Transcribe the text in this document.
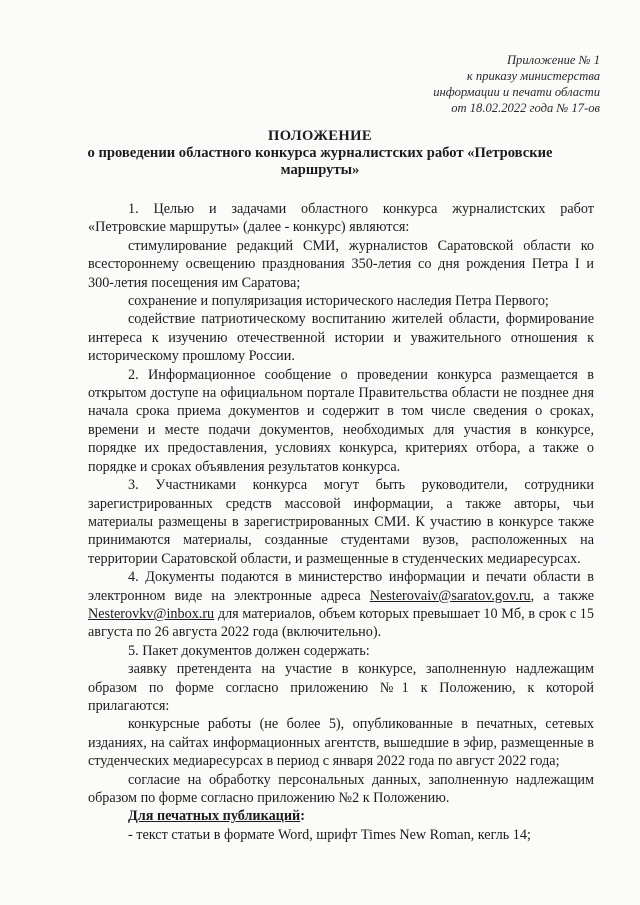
Приложение № 1
к приказу министерства
информации и печати области
от 18.02.2022 года № 17-ов
ПОЛОЖЕНИЕ
о проведении областного конкурса журналистских работ «Петровские
маршруты»

1. Целью и задачами областного конкурса журналистских работ «Петровские маршруты» (далее - конкурс) являются:

стимулирование редакций СМИ, журналистов Саратовской области ко всестороннему освещению празднования 350-летия со дня рождения Петра I и 300-летия посещения им Саратова;

сохранение и популяризация исторического наследия Петра Первого;

содействие патриотическому воспитанию жителей области, формирование интереса к изучению отечественной истории и уважительного отношения к историческому прошлому России.

2. Информационное сообщение о проведении конкурса размещается в открытом доступе на официальном портале Правительства области не позднее дня начала срока приема документов и содержит в том числе сведения о сроках, времени и месте подачи документов, необходимых для участия в конкурсе, порядке их предоставления, условиях конкурса, критериях отбора, а также о порядке и сроках объявления результатов конкурса.

3. Участниками конкурса могут быть руководители, сотрудники зарегистрированных средств массовой информации, а также авторы, чьи материалы размещены в зарегистрированных СМИ. К участию в конкурсе также принимаются материалы, созданные студентами вузов, расположенных на территории Саратовской области, и размещенные в студенческих медиаресурсах.

4. Документы подаются в министерство информации и печати области в электронном виде на электронные адреса Nesterovaiv@saratov.gov.ru, а также Nesterovkv@inbox.ru для материалов, объем которых превышает 10 Мб, в срок с 15 августа по 26 августа 2022 года (включительно).

5. Пакет документов должен содержать:

заявку претендента на участие в конкурсе, заполненную надлежащим образом по форме согласно приложению №1 к Положению, к которой прилагаются:

конкурсные работы (не более 5), опубликованные в печатных, сетевых изданиях, на сайтах информационных агентств, вышедшие в эфир, размещенные в студенческих медиаресурсах в период с января 2022 года по август 2022 года;

согласие на обработку персональных данных, заполненную надлежащим образом по форме согласно приложению №2 к Положению.

Для печатных публикаций:

- текст статьи в формате Word, шрифт Times New Roman, кегль 14;
